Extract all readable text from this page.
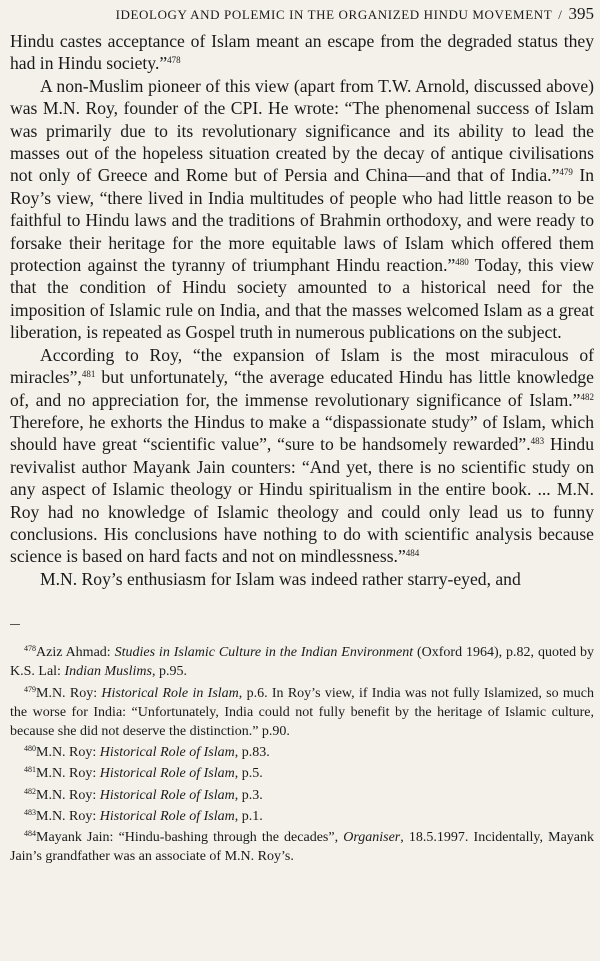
IDEOLOGY AND POLEMIC IN THE ORGANIZED HINDU MOVEMENT / 395

Hindu castes acceptance of Islam meant an escape from the degraded status they had in Hindu society.”$^{478}$

A non-Muslim pioneer of this view (apart from T.W. Arnold, discussed above) was M.N. Roy, founder of the CPI. He wrote: “The phenomenal success of Islam was primarily due to its revolutionary significance and its ability to lead the masses out of the hopeless situation created by the decay of antique civilisations not only of Greece and Rome but of Persia and China—and that of India.”$^{479}$ In Roy’s view, “there lived in India multitudes of people who had little reason to be faithful to Hindu laws and the traditions of Brahmin orthodoxy, and were ready to forsake their heritage for the more equitable laws of Islam which offered them protection against the tyranny of triumphant Hindu reaction.”$^{480}$ Today, this view that the condition of Hindu society amounted to a historical need for the imposition of Islamic rule on India, and that the masses welcomed Islam as a great liberation, is repeated as Gospel truth in numerous publications on the subject.

According to Roy, “the expansion of Islam is the most miraculous of miracles”,$^{481}$ but unfortunately, “the average educated Hindu has little knowledge of, and no appreciation for, the immense revolutionary significance of Islam.”$^{482}$ Therefore, he exhorts the Hindus to make a “dispassionate study” of Islam, which should have great “scientific value”, “sure to be handsomely rewarded”.$^{483}$ Hindu revivalist author Mayank Jain counters: “And yet, there is no scientific study on any aspect of Islamic theology or Hindu spiritualism in the entire book. ... M.N. Roy had no knowledge of Islamic theology and could only lead us to funny conclusions. His conclusions have nothing to do with scientific analysis because science is based on hard facts and not on mindlessness.”$^{484}$

M.N. Roy’s enthusiasm for Islam was indeed rather starry-eyed, and

$^{478}$Aziz Ahmad: Studies in Islamic Culture in the Indian Environment (Oxford 1964), p.82, quoted by K.S. Lal: Indian Muslims, p.95.

$^{479}$M.N. Roy: Historical Role in Islam, p.6. In Roy’s view, if India was not fully Islamized, so much the worse for India: “Unfortunately, India could not fully benefit by the heritage of Islamic culture, because she did not deserve the distinction.” p.90.

$^{480}$M.N. Roy: Historical Role of Islam, p.83.

$^{481}$M.N. Roy: Historical Role of Islam, p.5.

$^{482}$M.N. Roy: Historical Role of Islam, p.3.

$^{483}$M.N. Roy: Historical Role of Islam, p.1.

$^{484}$Mayank Jain: “Hindu-bashing through the decades”, Organiser, 18.5.1997. Incidentally, Mayank Jain’s grandfather was an associate of M.N. Roy’s.
